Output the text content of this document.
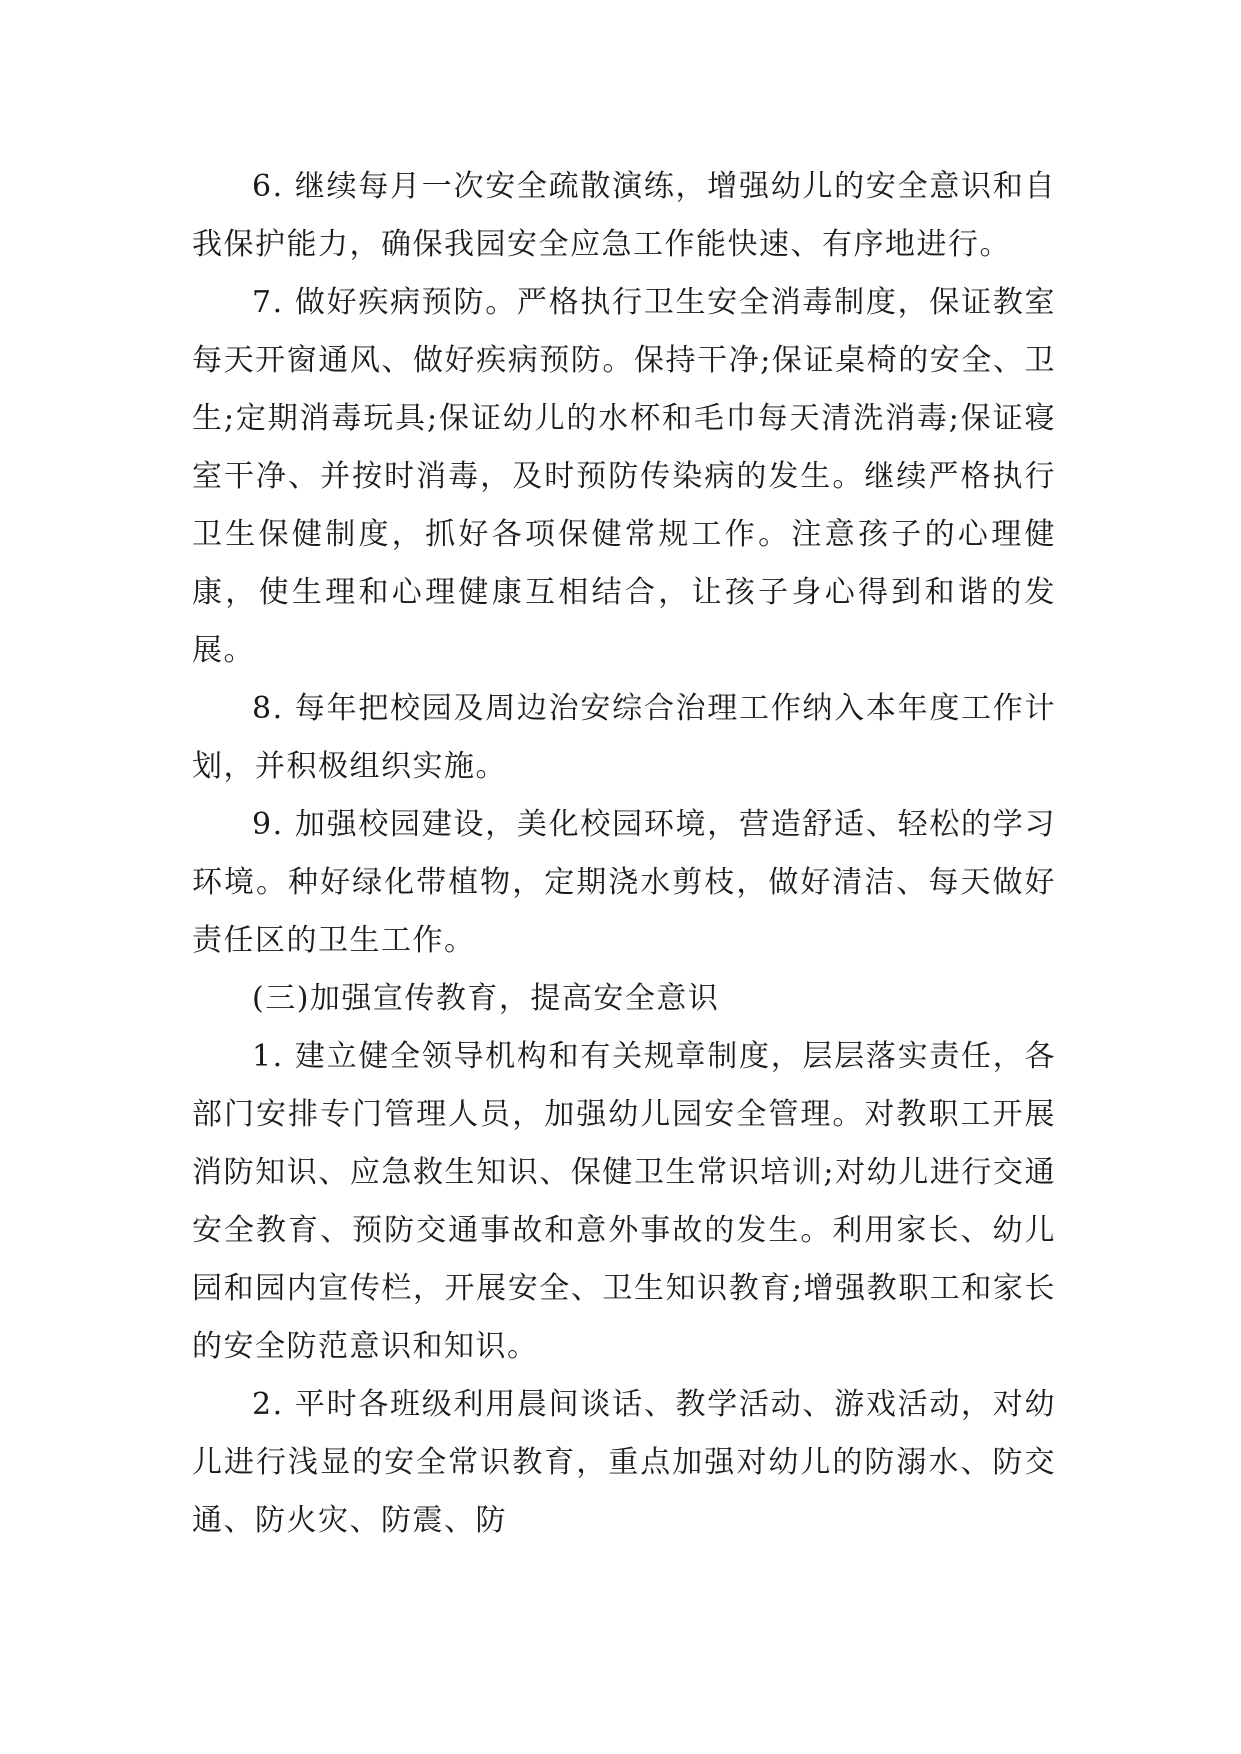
6. 继续每月一次安全疏散演练，增强幼儿的安全意识和自我保护能力，确保我园安全应急工作能快速、有序地进行。

7. 做好疾病预防。严格执行卫生安全消毒制度，保证教室每天开窗通风、做好疾病预防。保持干净;保证桌椅的安全、卫生;定期消毒玩具;保证幼儿的水杯和毛巾每天清洗消毒;保证寝室干净、并按时消毒，及时预防传染病的发生。继续严格执行卫生保健制度，抓好各项保健常规工作。注意孩子的心理健康，使生理和心理健康互相结合，让孩子身心得到和谐的发展。

8. 每年把校园及周边治安综合治理工作纳入本年度工作计划，并积极组织实施。

9. 加强校园建设，美化校园环境，营造舒适、轻松的学习环境。种好绿化带植物，定期浇水剪枝，做好清洁、每天做好责任区的卫生工作。

(三)加强宣传教育，提高安全意识

1. 建立健全领导机构和有关规章制度，层层落实责任，各部门安排专门管理人员，加强幼儿园安全管理。对教职工开展消防知识、应急救生知识、保健卫生常识培训;对幼儿进行交通安全教育、预防交通事故和意外事故的发生。利用家长、幼儿园和园内宣传栏，开展安全、卫生知识教育;增强教职工和家长的安全防范意识和知识。

2. 平时各班级利用晨间谈话、教学活动、游戏活动，对幼儿进行浅显的安全常识教育，重点加强对幼儿的防溺水、防交通、防火灾、防震、防
